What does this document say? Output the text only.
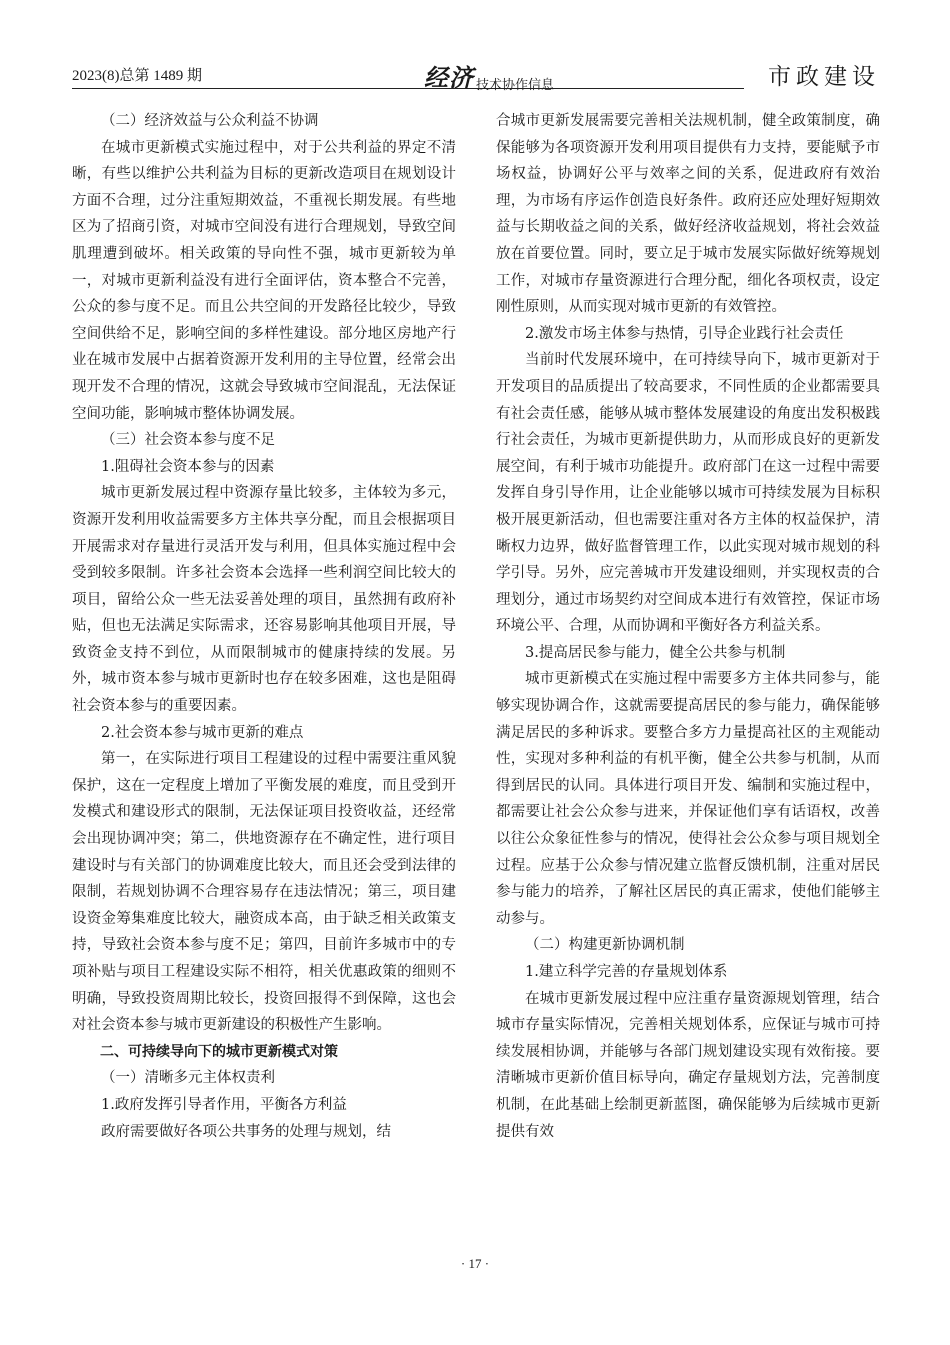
2023(8)总第 1489 期	经济 技术协作信息	市政建设

（二）经济效益与公众利益不协调

在城市更新模式实施过程中，对于公共利益的界定不清晰，有些以维护公共利益为目标的更新改造项目在规划设计方面不合理，过分注重短期效益，不重视长期发展。有些地区为了招商引资，对城市空间没有进行合理规划，导致空间肌理遭到破坏。相关政策的导向性不强，城市更新较为单一，对城市更新利益没有进行全面评估，资本整合不完善，公众的参与度不足。而且公共空间的开发路径比较少，导致空间供给不足，影响空间的多样性建设。部分地区房地产行业在城市发展中占据着资源开发利用的主导位置，经常会出现开发不合理的情况，这就会导致城市空间混乱，无法保证空间功能，影响城市整体协调发展。

（三）社会资本参与度不足

1.阻碍社会资本参与的因素

城市更新发展过程中资源存量比较多，主体较为多元，资源开发利用收益需要多方主体共享分配，而且会根据项目开展需求对存量进行灵活开发与利用，但具体实施过程中会受到较多限制。许多社会资本会选择一些利润空间比较大的项目，留给公众一些无法妥善处理的项目，虽然拥有政府补贴，但也无法满足实际需求，还容易影响其他项目开展，导致资金支持不到位，从而限制城市的健康持续的发展。另外，城市资本参与城市更新时也存在较多困难，这也是阻碍社会资本参与的重要因素。

2.社会资本参与城市更新的难点

第一，在实际进行项目工程建设的过程中需要注重风貌保护，这在一定程度上增加了平衡发展的难度，而且受到开发模式和建设形式的限制，无法保证项目投资收益，还经常会出现协调冲突；第二，供地资源存在不确定性，进行项目建设时与有关部门的协调难度比较大，而且还会受到法律的限制，若规划协调不合理容易存在违法情况；第三，项目建设资金筹集难度比较大，融资成本高，由于缺乏相关政策支持，导致社会资本参与度不足；第四，目前许多城市中的专项补贴与项目工程建设实际不相符，相关优惠政策的细则不明确，导致投资周期比较长，投资回报得不到保障，这也会对社会资本参与城市更新建设的积极性产生影响。

二、可持续导向下的城市更新模式对策

（一）清晰多元主体权责利

1.政府发挥引导者作用，平衡各方利益

政府需要做好各项公共事务的处理与规划，结

合城市更新发展需要完善相关法规机制，健全政策制度，确保能够为各项资源开发利用项目提供有力支持，要能赋予市场权益，协调好公平与效率之间的关系，促进政府有效治理，为市场有序运作创造良好条件。政府还应处理好短期效益与长期收益之间的关系，做好经济收益规划，将社会效益放在首要位置。同时，要立足于城市发展实际做好统筹规划工作，对城市存量资源进行合理分配，细化各项权责，设定刚性原则，从而实现对城市更新的有效管控。

2.激发市场主体参与热情，引导企业践行社会责任

当前时代发展环境中，在可持续导向下，城市更新对于开发项目的品质提出了较高要求，不同性质的企业都需要具有社会责任感，能够从城市整体发展建设的角度出发积极践行社会责任，为城市更新提供助力，从而形成良好的更新发展空间，有利于城市功能提升。政府部门在这一过程中需要发挥自身引导作用，让企业能够以城市可持续发展为目标积极开展更新活动，但也需要注重对各方主体的权益保护，清晰权力边界，做好监督管理工作，以此实现对城市规划的科学引导。另外，应完善城市开发建设细则，并实现权责的合理划分，通过市场契约对空间成本进行有效管控，保证市场环境公平、合理，从而协调和平衡好各方利益关系。

3.提高居民参与能力，健全公共参与机制

城市更新模式在实施过程中需要多方主体共同参与，能够实现协调合作，这就需要提高居民的参与能力，确保能够满足居民的多种诉求。要整合多方力量提高社区的主观能动性，实现对多种利益的有机平衡，健全公共参与机制，从而得到居民的认同。具体进行项目开发、编制和实施过程中，都需要让社会公众参与进来，并保证他们享有话语权，改善以往公众象征性参与的情况，使得社会公众参与项目规划全过程。应基于公众参与情况建立监督反馈机制，注重对居民参与能力的培养，了解社区居民的真正需求，使他们能够主动参与。

（二）构建更新协调机制

1.建立科学完善的存量规划体系

在城市更新发展过程中应注重存量资源规划管理，结合城市存量实际情况，完善相关规划体系，应保证与城市可持续发展相协调，并能够与各部门规划建设实现有效衔接。要清晰城市更新价值目标导向，确定存量规划方法，完善制度机制，在此基础上绘制更新蓝图，确保能够为后续城市更新提供有效

· 17 ·
